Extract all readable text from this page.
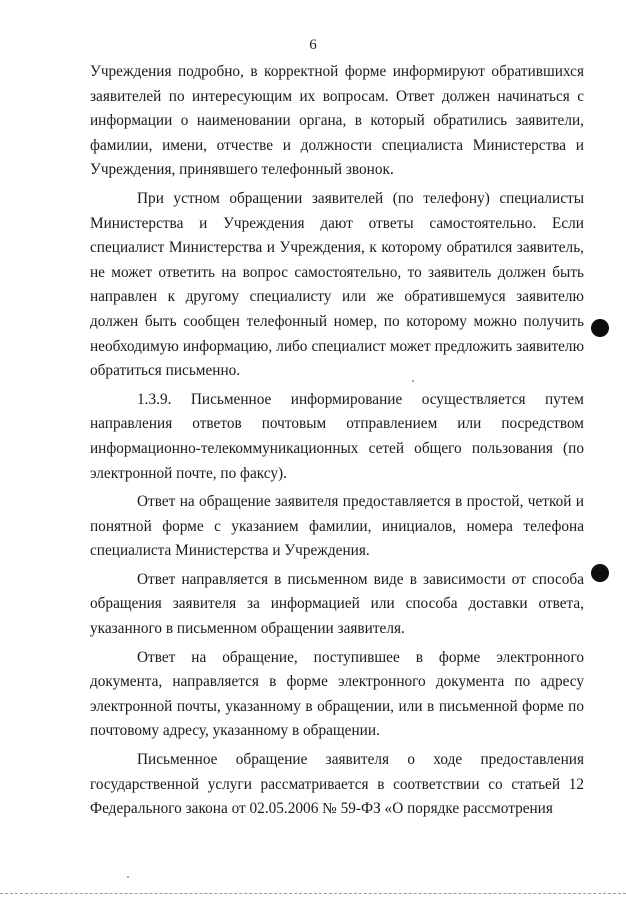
6

Учреждения подробно, в корректной форме информируют обратившихся заявителей по интересующим их вопросам. Ответ должен начинаться с информации о наименовании органа, в который обратились заявители, фамилии, имени, отчестве и должности специалиста Министерства и Учреждения, принявшего телефонный звонок.

При устном обращении заявителей (по телефону) специалисты Министерства и Учреждения дают ответы самостоятельно. Если специалист Министерства и Учреждения, к которому обратился заявитель, не может ответить на вопрос самостоятельно, то заявитель должен быть направлен к другому специалисту или же обратившемуся заявителю должен быть сообщен телефонный номер, по которому можно получить необходимую информацию, либо специалист может предложить заявителю обратиться письменно.

1.3.9. Письменное информирование осуществляется путем направления ответов почтовым отправлением или посредством информационно-телекоммуникационных сетей общего пользования (по электронной почте, по факсу).

Ответ на обращение заявителя предоставляется в простой, четкой и понятной форме с указанием фамилии, инициалов, номера телефона специалиста Министерства и Учреждения.

Ответ направляется в письменном виде в зависимости от способа обращения заявителя за информацией или способа доставки ответа, указанного в письменном обращении заявителя.

Ответ на обращение, поступившее в форме электронного документа, направляется в форме электронного документа по адресу электронной почты, указанному в обращении, или в письменной форме по почтовому адресу, указанному в обращении.

Письменное обращение заявителя о ходе предоставления государственной услуги рассматривается в соответствии со статьей 12 Федерального закона от 02.05.2006 № 59-ФЗ «О порядке рассмотрения
